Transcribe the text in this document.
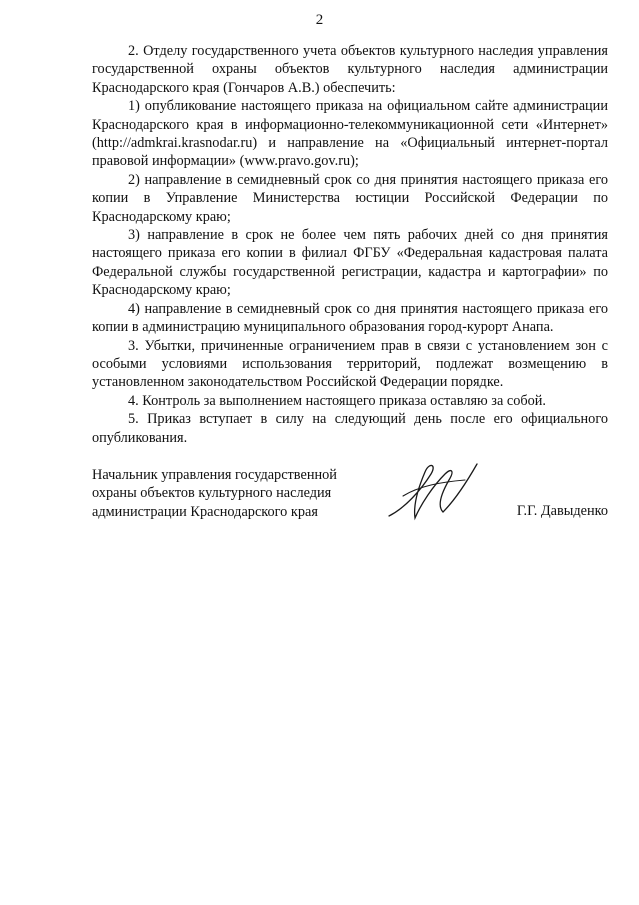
2

2. Отделу государственного учета объектов культурного наследия управления государственной охраны объектов культурного наследия администрации Краснодарского края (Гончаров А.В.) обеспечить:

1) опубликование настоящего приказа на официальном сайте администрации Краснодарского края в информационно-телекоммуникационной сети «Интернет» (http://admkrai.krasnodar.ru) и направление на «Официальный интернет-портал правовой информации» (www.pravo.gov.ru);

2) направление в семидневный срок со дня принятия настоящего приказа его копии в Управление Министерства юстиции Российской Федерации по Краснодарскому краю;

3) направление в срок не более чем пять рабочих дней со дня принятия настоящего приказа его копии в филиал ФГБУ «Федеральная кадастровая палата Федеральной службы государственной регистрации, кадастра и картографии» по Краснодарскому краю;

4) направление в семидневный срок со дня принятия настоящего приказа его копии в администрацию муниципального образования город-курорт Анапа.

3. Убытки, причиненные ограничением прав в связи с установлением зон с особыми условиями использования территорий, подлежат возмещению в установленном законодательством Российской Федерации порядке.

4. Контроль за выполнением настоящего приказа оставляю за собой.

5. Приказ вступает в силу на следующий день после его официального опубликования.

Начальник управления государственной
охраны объектов культурного наследия
администрации Краснодарского края	Г.Г. Давыденко
